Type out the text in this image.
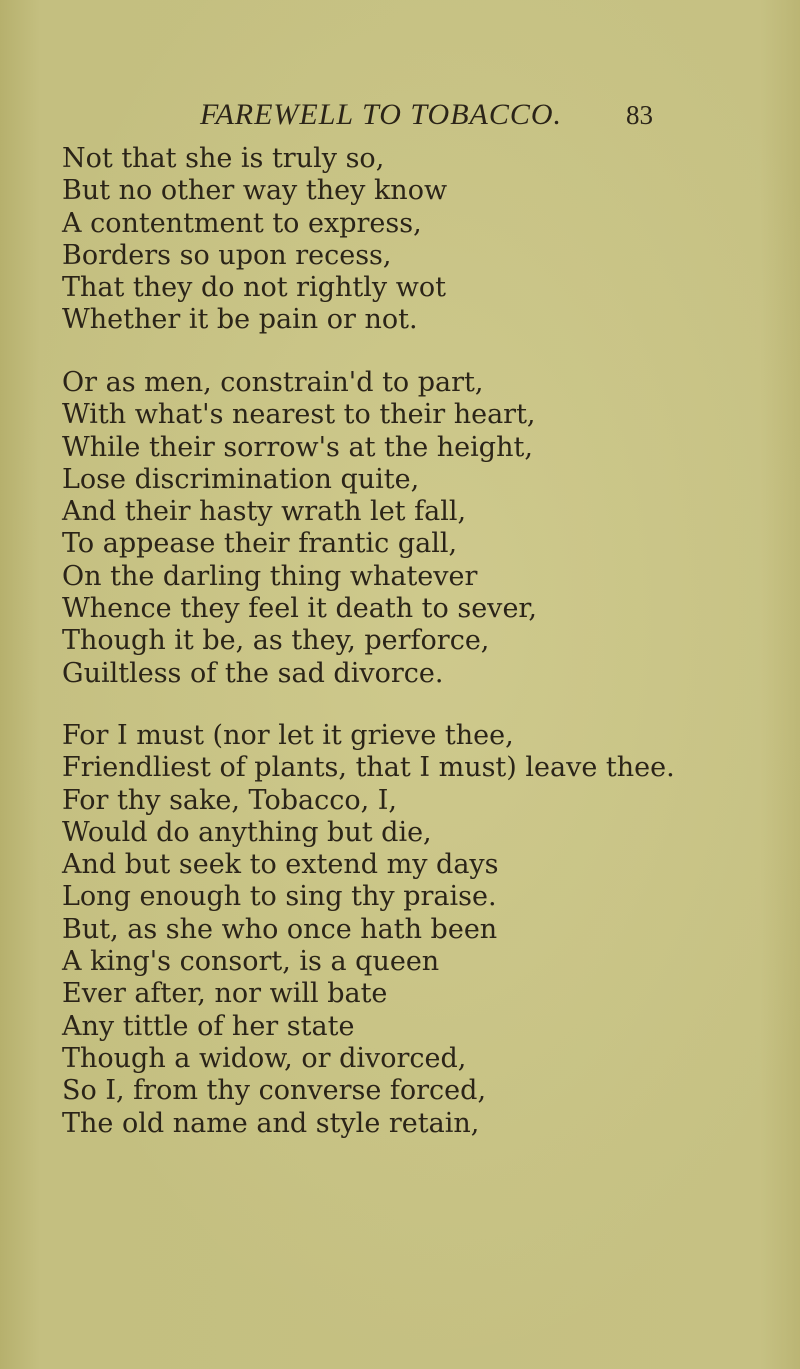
FAREWELL TO TOBACCO. 83
Not that she is truly so,
But no other way they know
A contentment to express,
Borders so upon recess,
That they do not rightly wot
Whether it be pain or not.
Or as men, constrain'd to part,
With what's nearest to their heart,
While their sorrow's at the height,
Lose discrimination quite,
And their hasty wrath let fall,
To appease their frantic gall,
On the darling thing whatever
Whence they feel it death to sever,
Though it be, as they, perforce,
Guiltless of the sad divorce.
For I must (nor let it grieve thee,
Friendliest of plants, that I must) leave thee.
For thy sake, Tobacco, I,
Would do anything but die,
And but seek to extend my days
Long enough to sing thy praise.
But, as she who once hath been
A king's consort, is a queen
Ever after, nor will bate
Any tittle of her state
Though a widow, or divorced,
So I, from thy converse forced,
The old name and style retain,
